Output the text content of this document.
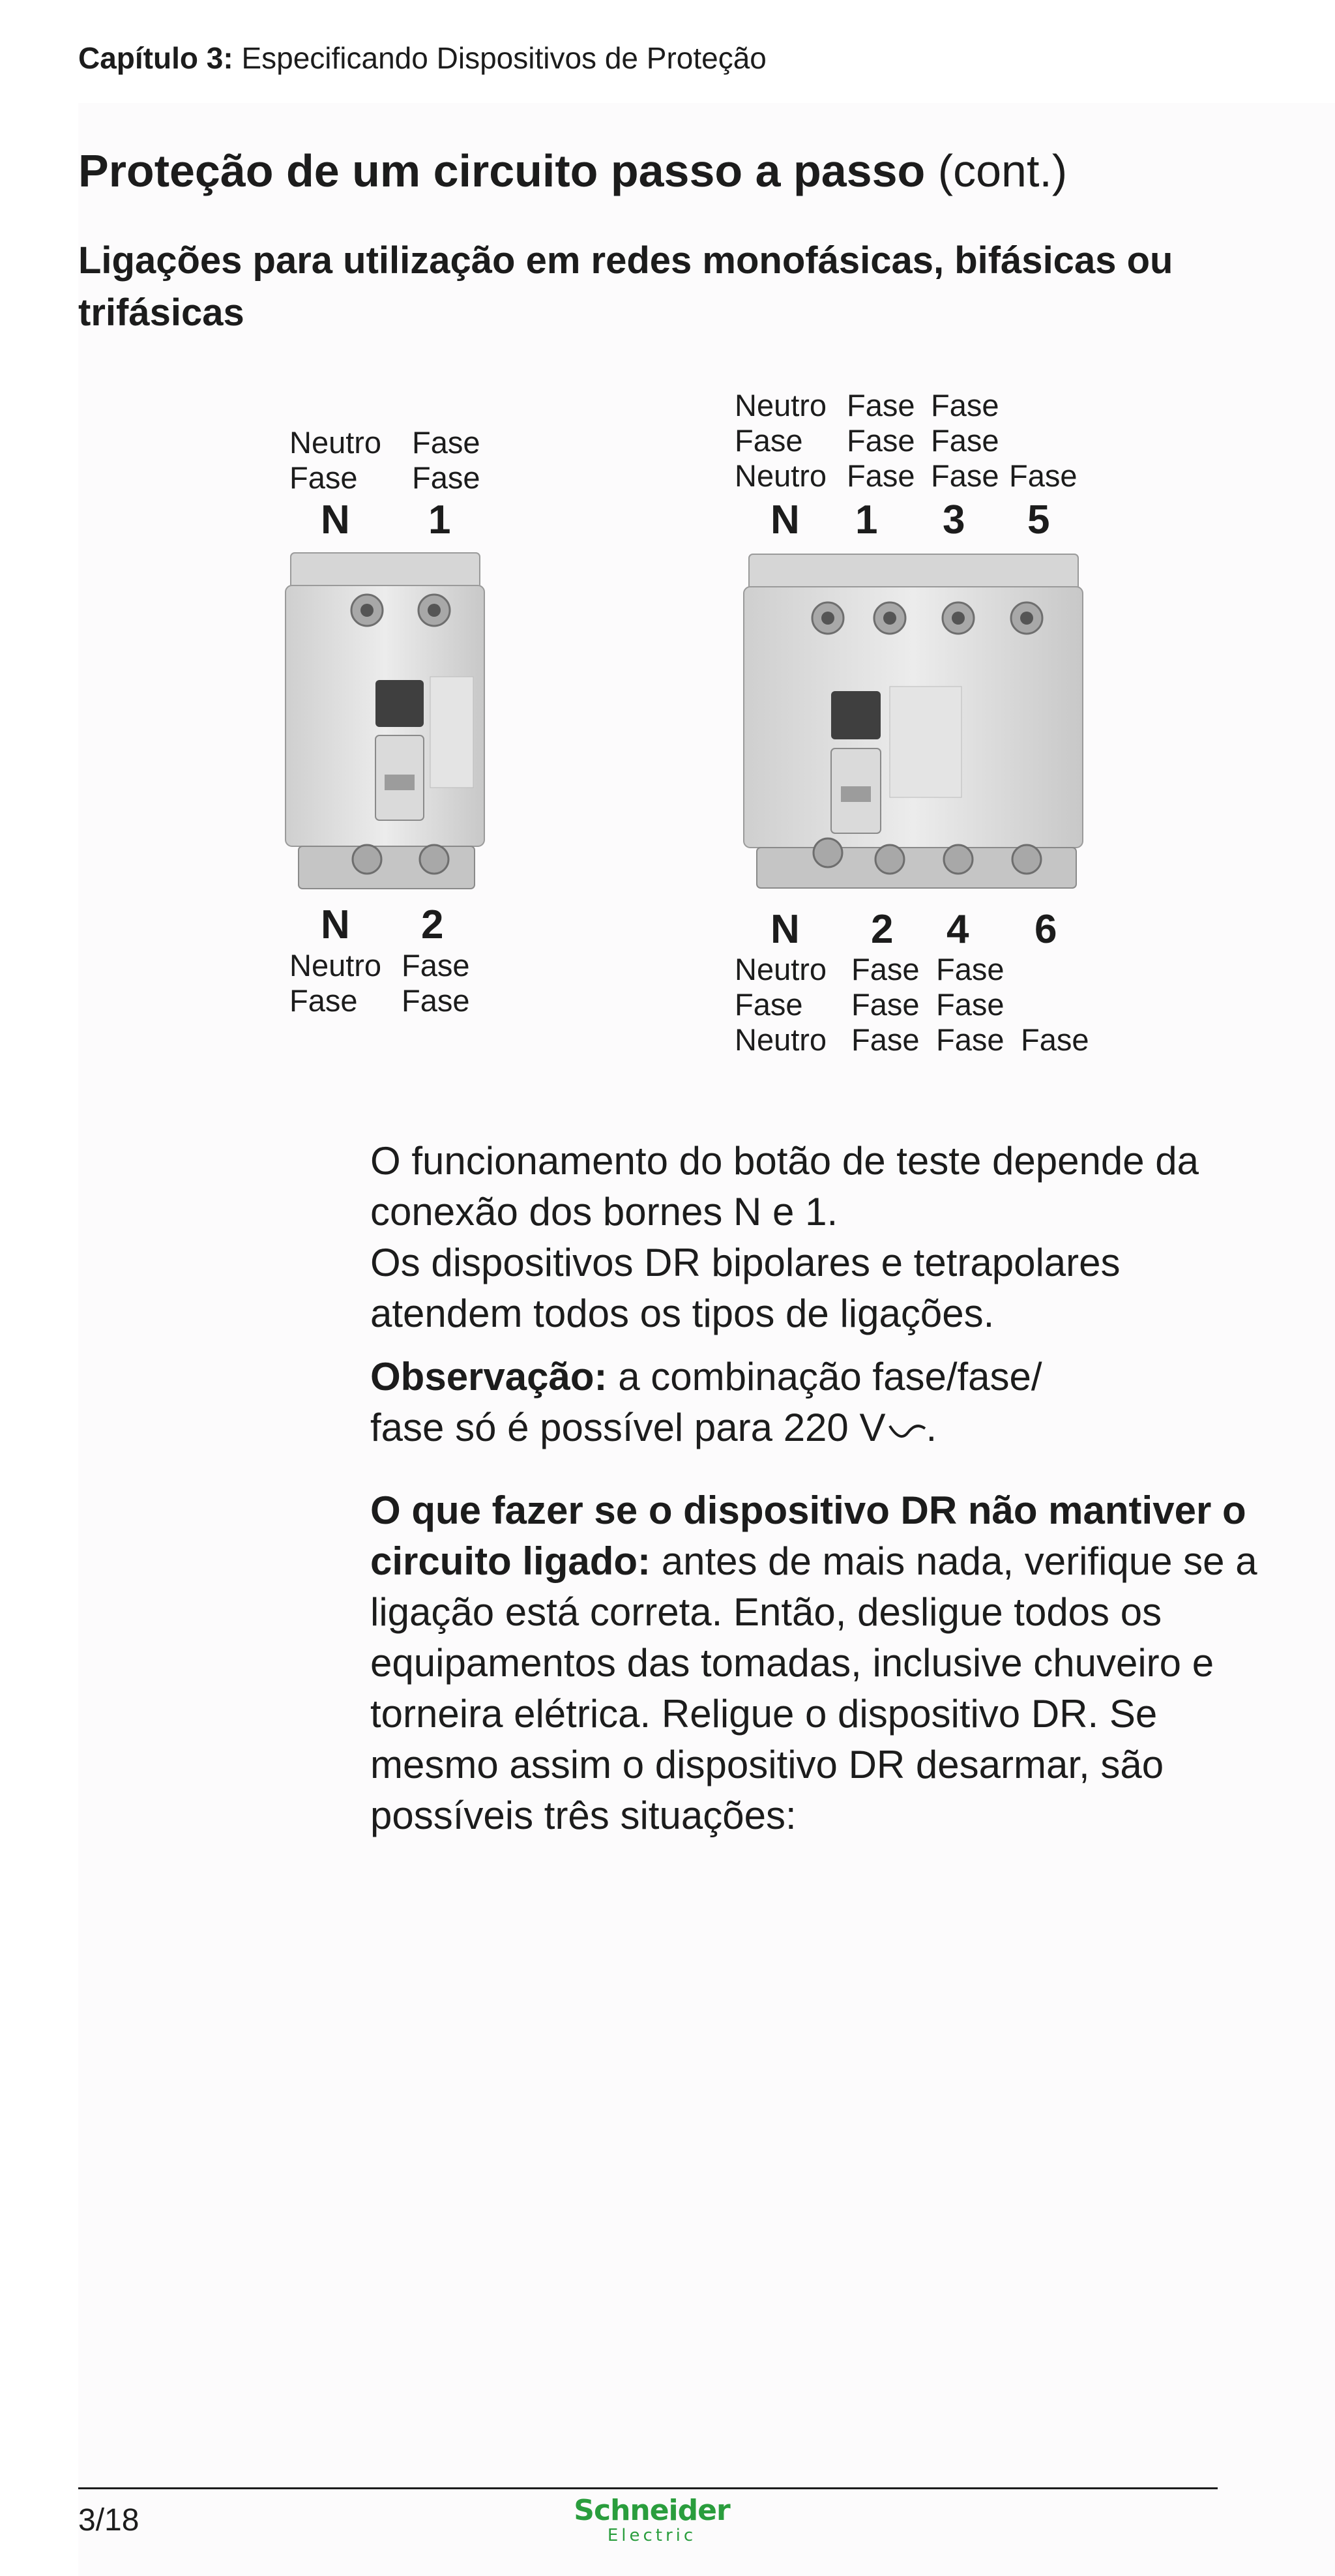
Capítulo 3: Especificando Dispositivos de Proteção
Proteção de um circuito passo a passo (cont.)
Ligações para utilização em redes monofásicas, bifásicas ou trifásicas
Neutro Fase
Fase Fase
N 1
N 2
Neutro Fase
Fase Fase
Neutro Fase Fase
Fase Fase Fase
Neutro Fase Fase Fase
N 1 3 5
N 2 4 6
Neutro Fase Fase
Fase Fase Fase
Neutro Fase Fase Fase
O funcionamento do botão de teste depende da conexão dos bornes N e 1.
Os dispositivos DR bipolares e tetrapolares atendem todos os tipos de ligações.
Observação: a combinação fase/fase/ fase só é possível para 220 V .
O que fazer se o dispositivo DR não mantiver o circuito ligado: antes de mais nada, verifique se a ligação está correta. Então, desligue todos os equipamentos das tomadas, inclusive chuveiro e torneira elétrica. Religue o dispositivo DR. Se mesmo assim o dispositivo DR desarmar, são possíveis três situações:
3/18	Schneider
Electric
